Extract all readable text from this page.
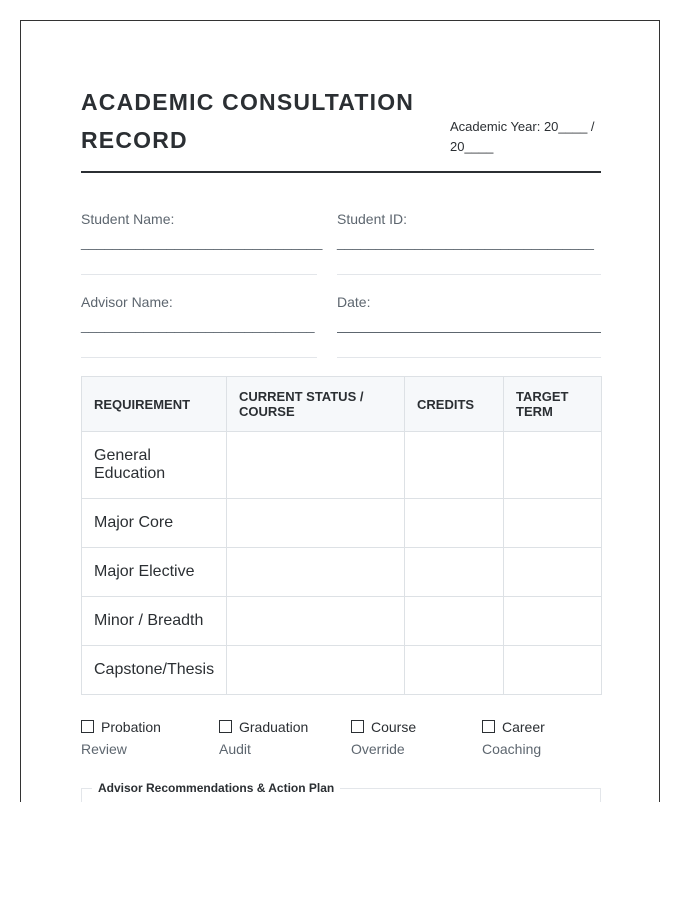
ACADEMIC CONSULTATION RECORD
Academic Year: 20____ /
20____
Student Name:
_______________________________
Student ID:
_________________________________
Advisor Name:
______________________________
Date:
REQUIREMENT	CURRENT STATUS / COURSE	CREDITS	TARGET TERM
General Education			
Major Core			
Major Elective			
Minor / Breadth			
Capstone/Thesis			
Probation
Review
Graduation
Audit
Course
Override
Career
Coaching
Advisor Recommendations & Action Plan
